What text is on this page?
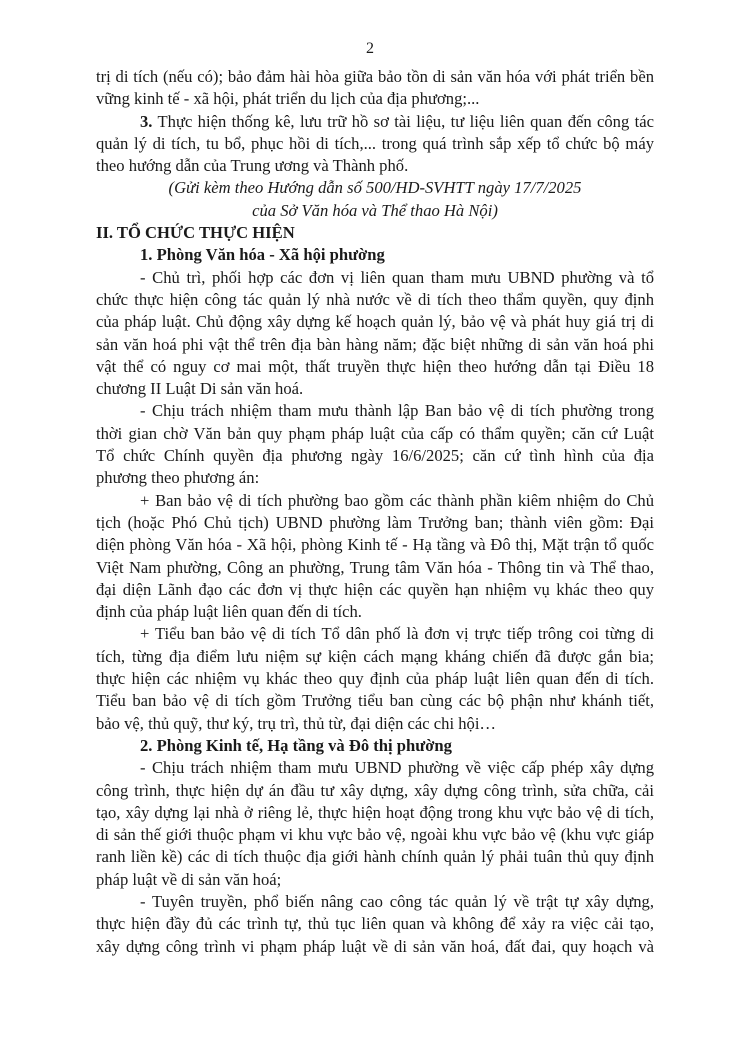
2
trị di tích (nếu có); bảo đảm hài hòa giữa bảo tồn di sản văn hóa với phát triển bền
vững kinh tế - xã hội, phát triển du lịch của địa phương;...
3. Thực hiện thống kê, lưu trữ hồ sơ tài liệu, tư liệu liên quan đến công tác
quản lý di tích, tu bổ, phục hồi di tích,... trong quá trình sắp xếp tổ chức bộ máy
theo hướng dẫn của Trung ương và Thành phố.
(Gửi kèm theo Hướng dẫn số 500/HD-SVHTT ngày 17/7/2025
của Sở Văn hóa và Thể thao Hà Nội)
II. TỔ CHỨC THỰC HIỆN
1. Phòng Văn hóa - Xã hội phường
- Chủ trì, phối hợp các đơn vị liên quan tham mưu UBND phường và tổ
chức thực hiện công tác quản lý nhà nước về di tích theo thẩm quyền, quy định
của pháp luật. Chủ động xây dựng kế hoạch quản lý, bảo vệ và phát huy giá trị di
sản văn hoá phi vật thể trên địa bàn hàng năm; đặc biệt những di sản văn hoá phi
vật thể có nguy cơ mai một, thất truyền thực hiện theo hướng dẫn tại Điều 18
chương II Luật Di sản văn hoá.
- Chịu trách nhiệm tham mưu thành lập Ban bảo vệ di tích phường trong
thời gian chờ Văn bản quy phạm pháp luật của cấp có thẩm quyền; căn cứ Luật
Tổ chức Chính quyền địa phương ngày 16/6/2025; căn cứ tình hình của địa
phương theo phương án:
+ Ban bảo vệ di tích phường bao gồm các thành phần kiêm nhiệm do Chủ
tịch (hoặc Phó Chủ tịch) UBND phường làm Trưởng ban; thành viên gồm: Đại
diện phòng Văn hóa - Xã hội, phòng Kinh tế - Hạ tầng và Đô thị, Mặt trận tổ quốc
Việt Nam phường, Công an phường, Trung tâm Văn hóa - Thông tin và Thể thao,
đại diện Lãnh đạo các đơn vị thực hiện các quyền hạn nhiệm vụ khác theo quy
định của pháp luật liên quan đến di tích.
+ Tiểu ban bảo vệ di tích Tổ dân phố là đơn vị trực tiếp trông coi từng di
tích, từng địa điểm lưu niệm sự kiện cách mạng kháng chiến đã được gắn bia;
thực hiện các nhiệm vụ khác theo quy định của pháp luật liên quan đến di tích.
Tiểu ban bảo vệ di tích gồm Trưởng tiểu ban cùng các bộ phận như khánh tiết,
bảo vệ, thủ quỹ, thư ký, trụ trì, thủ từ, đại diện các chi hội…
2. Phòng Kinh tế, Hạ tầng và Đô thị phường
- Chịu trách nhiệm tham mưu UBND phường về việc cấp phép xây dựng
công trình, thực hiện dự án đầu tư xây dựng, xây dựng công trình, sửa chữa, cải
tạo, xây dựng lại nhà ở riêng lẻ, thực hiện hoạt động trong khu vực bảo vệ di tích,
di sản thế giới thuộc phạm vi khu vực bảo vệ, ngoài khu vực bảo vệ (khu vực giáp
ranh liền kề) các di tích thuộc địa giới hành chính quản lý phải tuân thủ quy định
pháp luật về di sản văn hoá;
- Tuyên truyền, phổ biến nâng cao công tác quản lý về trật tự xây dựng,
thực hiện đầy đủ các trình tự, thủ tục liên quan và không để xảy ra việc cải tạo,
xây dựng công trình vi phạm pháp luật về di sản văn hoá, đất đai, quy hoạch và
